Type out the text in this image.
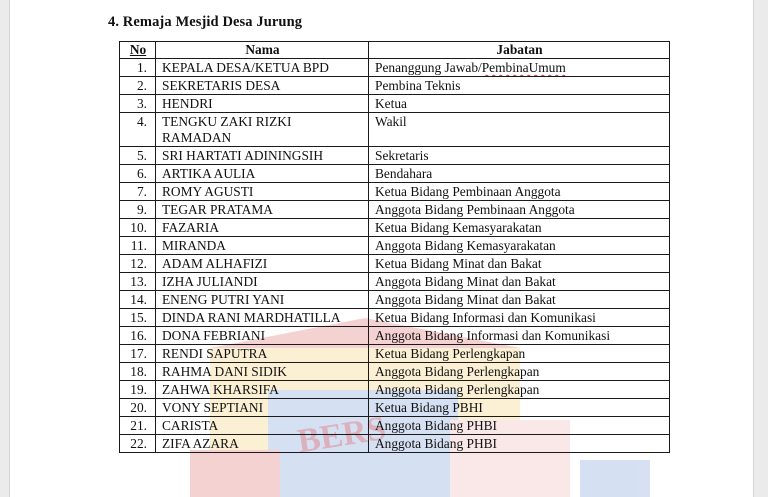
BERS
4. Remaja Mesjid Desa Jurung
No	Nama	Jabatan
1.	KEPALA DESA/KETUA BPD	Penanggung Jawab/PembinaUmum
2.	SEKRETARIS DESA	Pembina Teknis
3.	HENDRI	Ketua
4.	TENGKU ZAKI RIZKI RAMADAN	Wakil
5.	SRI HARTATI ADININGSIH	Sekretaris
6.	ARTIKA AULIA	Bendahara
7.	ROMY AGUSTI	Ketua Bidang Pembinaan Anggota
9.	TEGAR PRATAMA	Anggota Bidang Pembinaan Anggota
10.	FAZARIA	Ketua Bidang Kemasyarakatan
11.	MIRANDA	Anggota Bidang Kemasyarakatan
12.	ADAM ALHAFIZI	Ketua Bidang Minat dan Bakat
13.	IZHA JULIANDI	Anggota Bidang Minat dan Bakat
14.	ENENG PUTRI YANI	Anggota Bidang Minat dan Bakat
15.	DINDA RANI MARDHATILLA	Ketua Bidang Informasi dan Komunikasi
16.	DONA FEBRIANI	Anggota Bidang Informasi dan Komunikasi
17.	RENDI SAPUTRA	Ketua Bidang Perlengkapan
18.	RAHMA DANI SIDIK	Anggota Bidang Perlengkapan
19.	ZAHWA KHARSIFA	Anggota Bidang Perlengkapan
20.	VONY SEPTIANI	Ketua Bidang PBHI
21.	CARISTA	Anggota Bidang PHBI
22.	ZIFA AZARA	Anggota Bidang PHBI
